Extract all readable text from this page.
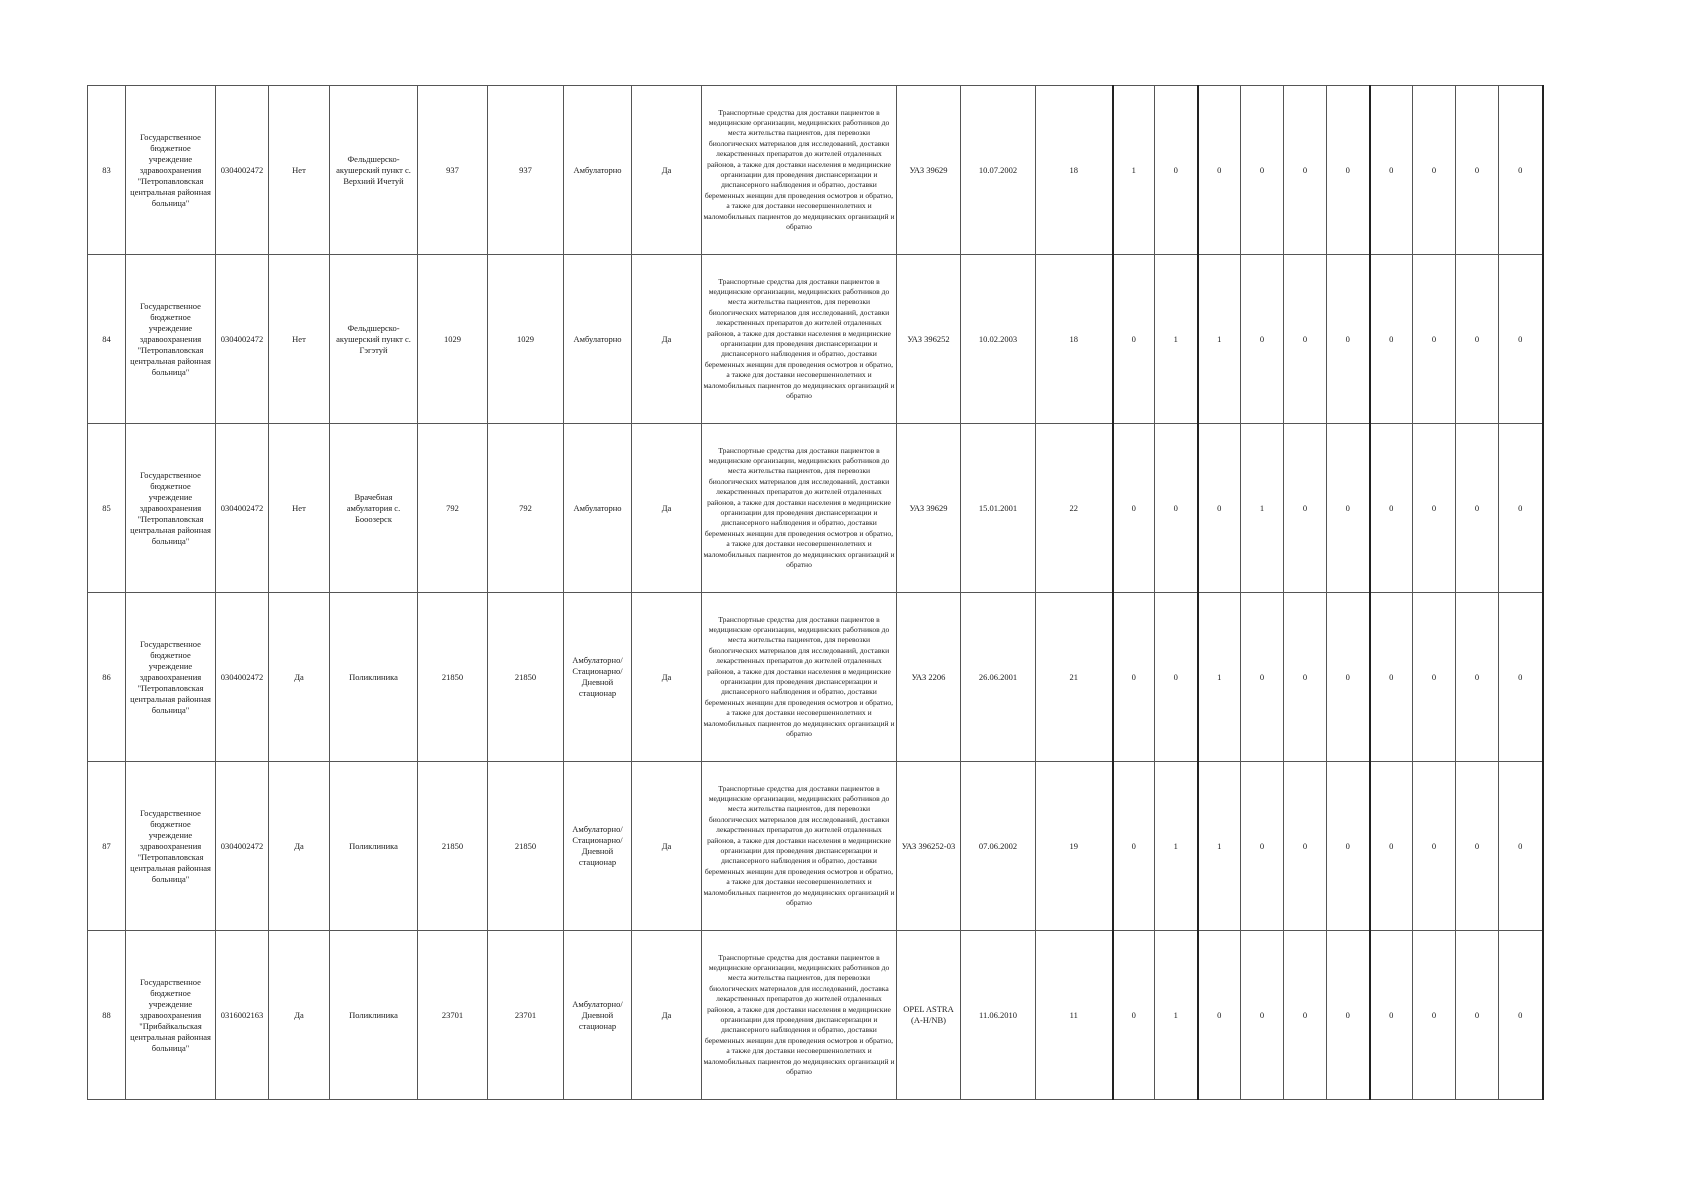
83	Государственное бюджетное учреждение здравоохранения "Петропавловская центральная районная больница"	0304002472	Нет	Фельдшерско-акушерский пункт с. Верхний Ичетуй	937	937	Амбулаторно	Да	Транспортные средства для доставки пациентов в медицинские организации, медицинских работников до места жительства пациентов, для перевозки биологических материалов для исследований, доставки лекарственных препаратов до жителей отдаленных районов, а также для доставки населения в медицинские организации для проведения диспансеризации и диспансерного наблюдения и обратно, доставки беременных женщин для проведения осмотров и обратно, а также для доставки несовершеннолетних и маломобильных пациентов до медицинских организаций и обратно	УАЗ 39629	10.07.2002	18	1	0	0	0	0	0	0	0	0	0
84	Государственное бюджетное учреждение здравоохранения "Петропавловская центральная районная больница"	0304002472	Нет	Фельдшерско-акушерский пункт с. Гэгэтуй	1029	1029	Амбулаторно	Да	Транспортные средства для доставки пациентов в медицинские организации, медицинских работников до места жительства пациентов, для перевозки биологических материалов для исследований, доставки лекарственных препаратов до жителей отдаленных районов, а также для доставки населения в медицинские организации для проведения диспансеризации и диспансерного наблюдения и обратно, доставки беременных женщин для проведения осмотров и обратно, а также для доставки несовершеннолетних и маломобильных пациентов до медицинских организаций и обратно	УАЗ 396252	10.02.2003	18	0	1	1	0	0	0	0	0	0	0
85	Государственное бюджетное учреждение здравоохранения "Петропавловская центральная районная больница"	0304002472	Нет	Врачебная амбулатория с. Бооозерск	792	792	Амбулаторно	Да	Транспортные средства для доставки пациентов в медицинские организации, медицинских работников до места жительства пациентов, для перевозки биологических материалов для исследований, доставки лекарственных препаратов до жителей отдаленных районов, а также для доставки населения в медицинские организации для проведения диспансеризации и диспансерного наблюдения и обратно, доставки беременных женщин для проведения осмотров и обратно, а также для доставки несовершеннолетних и маломобильных пациентов до медицинских организаций и обратно	УАЗ 39629	15.01.2001	22	0	0	0	1	0	0	0	0	0	0
86	Государственное бюджетное учреждение здравоохранения "Петропавловская центральная районная больница"	0304002472	Да	Поликлиника	21850	21850	Амбулаторно/Стационарно/Дневной стационар	Да	Транспортные средства для доставки пациентов в медицинские организации, медицинских работников до места жительства пациентов, для перевозки биологических материалов для исследований, доставки лекарственных препаратов до жителей отдаленных районов, а также для доставки населения в медицинские организации для проведения диспансеризации и диспансерного наблюдения и обратно, доставки беременных женщин для проведения осмотров и обратно, а также для доставки несовершеннолетних и маломобильных пациентов до медицинских организаций и обратно	УАЗ 2206	26.06.2001	21	0	0	1	0	0	0	0	0	0	0
87	Государственное бюджетное учреждение здравоохранения "Петропавловская центральная районная больница"	0304002472	Да	Поликлиника	21850	21850	Амбулаторно/Стационарно/Дневной стационар	Да	Транспортные средства для доставки пациентов в медицинские организации, медицинских работников до места жительства пациентов, для перевозки биологических материалов для исследований, доставки лекарственных препаратов до жителей отдаленных районов, а также для доставки населения в медицинские организации для проведения диспансеризации и диспансерного наблюдения и обратно, доставки беременных женщин для проведения осмотров и обратно, а также для доставки несовершеннолетних и маломобильных пациентов до медицинских организаций и обратно	УАЗ 396252-03	07.06.2002	19	0	1	1	0	0	0	0	0	0	0
88	Государственное бюджетное учреждение здравоохранения "Прибайкальская центральная районная больница"	0316002163	Да	Поликлиника	23701	23701	Амбулаторно/Дневной стационар	Да	Транспортные средства для доставки пациентов в медицинские организации, медицинских работников до места жительства пациентов, для перевозки биологических материалов для исследований, доставка лекарственных препаратов до жителей отдаленных районов, а также для доставки населения в медицинские организации для проведения диспансеризации и диспансерного наблюдения и обратно, доставки беременных женщин для проведения осмотров и обратно, а также для доставки несовершеннолетних и маломобильных пациентов до медицинских организаций и обратно	OPEL ASTRA (A-H/NB)	11.06.2010	11	0	1	0	0	0	0	0	0	0	0
